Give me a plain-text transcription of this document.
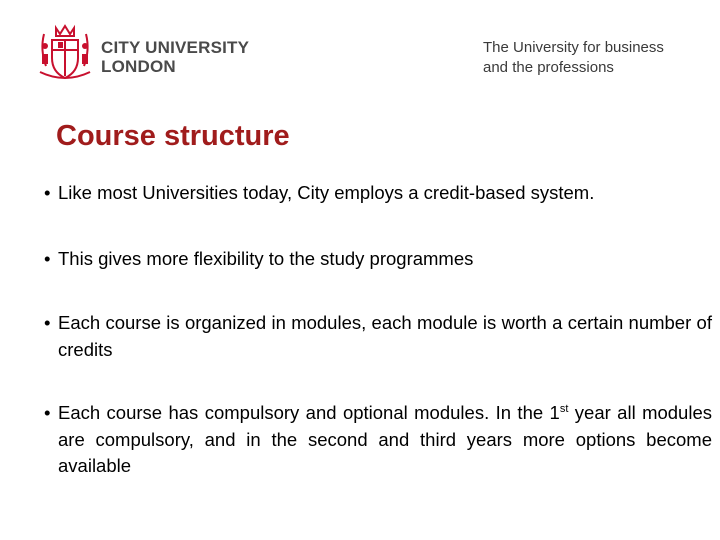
CITY UNIVERSITY
LONDON
The University for business
and the professions
Course structure
• Like most Universities today, City employs a credit-based system.
• This gives more flexibility to the study programmes
• Each course is organized in modules, each module is worth a certain number of credits
• Each course has compulsory and optional modules. In the 1st year all modules are compulsory, and in the second and third years more options become available
